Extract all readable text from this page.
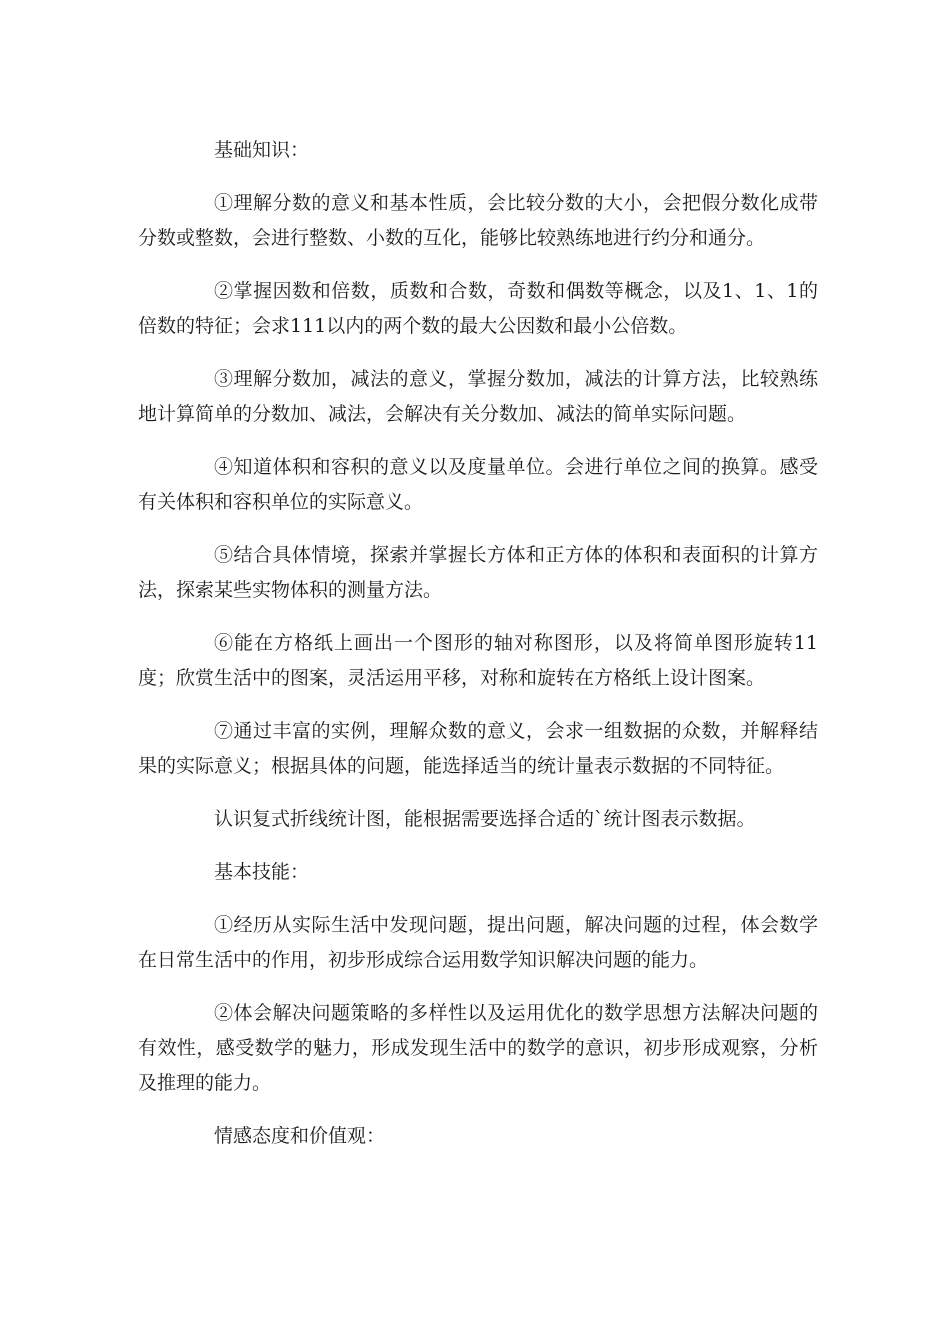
基础知识：

①理解分数的意义和基本性质，会比较分数的大小，会把假分数化成带分数或整数，会进行整数、小数的互化，能够比较熟练地进行约分和通分。

②掌握因数和倍数，质数和合数，奇数和偶数等概念，以及1、1、1的倍数的特征；会求111以内的两个数的最大公因数和最小公倍数。

③理解分数加，减法的意义，掌握分数加，减法的计算方法，比较熟练地计算简单的分数加、减法，会解决有关分数加、减法的简单实际问题。

④知道体积和容积的意义以及度量单位。会进行单位之间的换算。感受有关体积和容积单位的实际意义。

⑤结合具体情境，探索并掌握长方体和正方体的体积和表面积的计算方法，探索某些实物体积的测量方法。

⑥能在方格纸上画出一个图形的轴对称图形，以及将简单图形旋转11度；欣赏生活中的图案，灵活运用平移，对称和旋转在方格纸上设计图案。

⑦通过丰富的实例，理解众数的意义，会求一组数据的众数，并解释结果的实际意义；根据具体的问题，能选择适当的统计量表示数据的不同特征。

认识复式折线统计图，能根据需要选择合适的`统计图表示数据。

基本技能：

①经历从实际生活中发现问题，提出问题，解决问题的过程，体会数学在日常生活中的作用，初步形成综合运用数学知识解决问题的能力。

②体会解决问题策略的多样性以及运用优化的数学思想方法解决问题的有效性，感受数学的魅力，形成发现生活中的数学的意识，初步形成观察，分析及推理的能力。

情感态度和价值观：
